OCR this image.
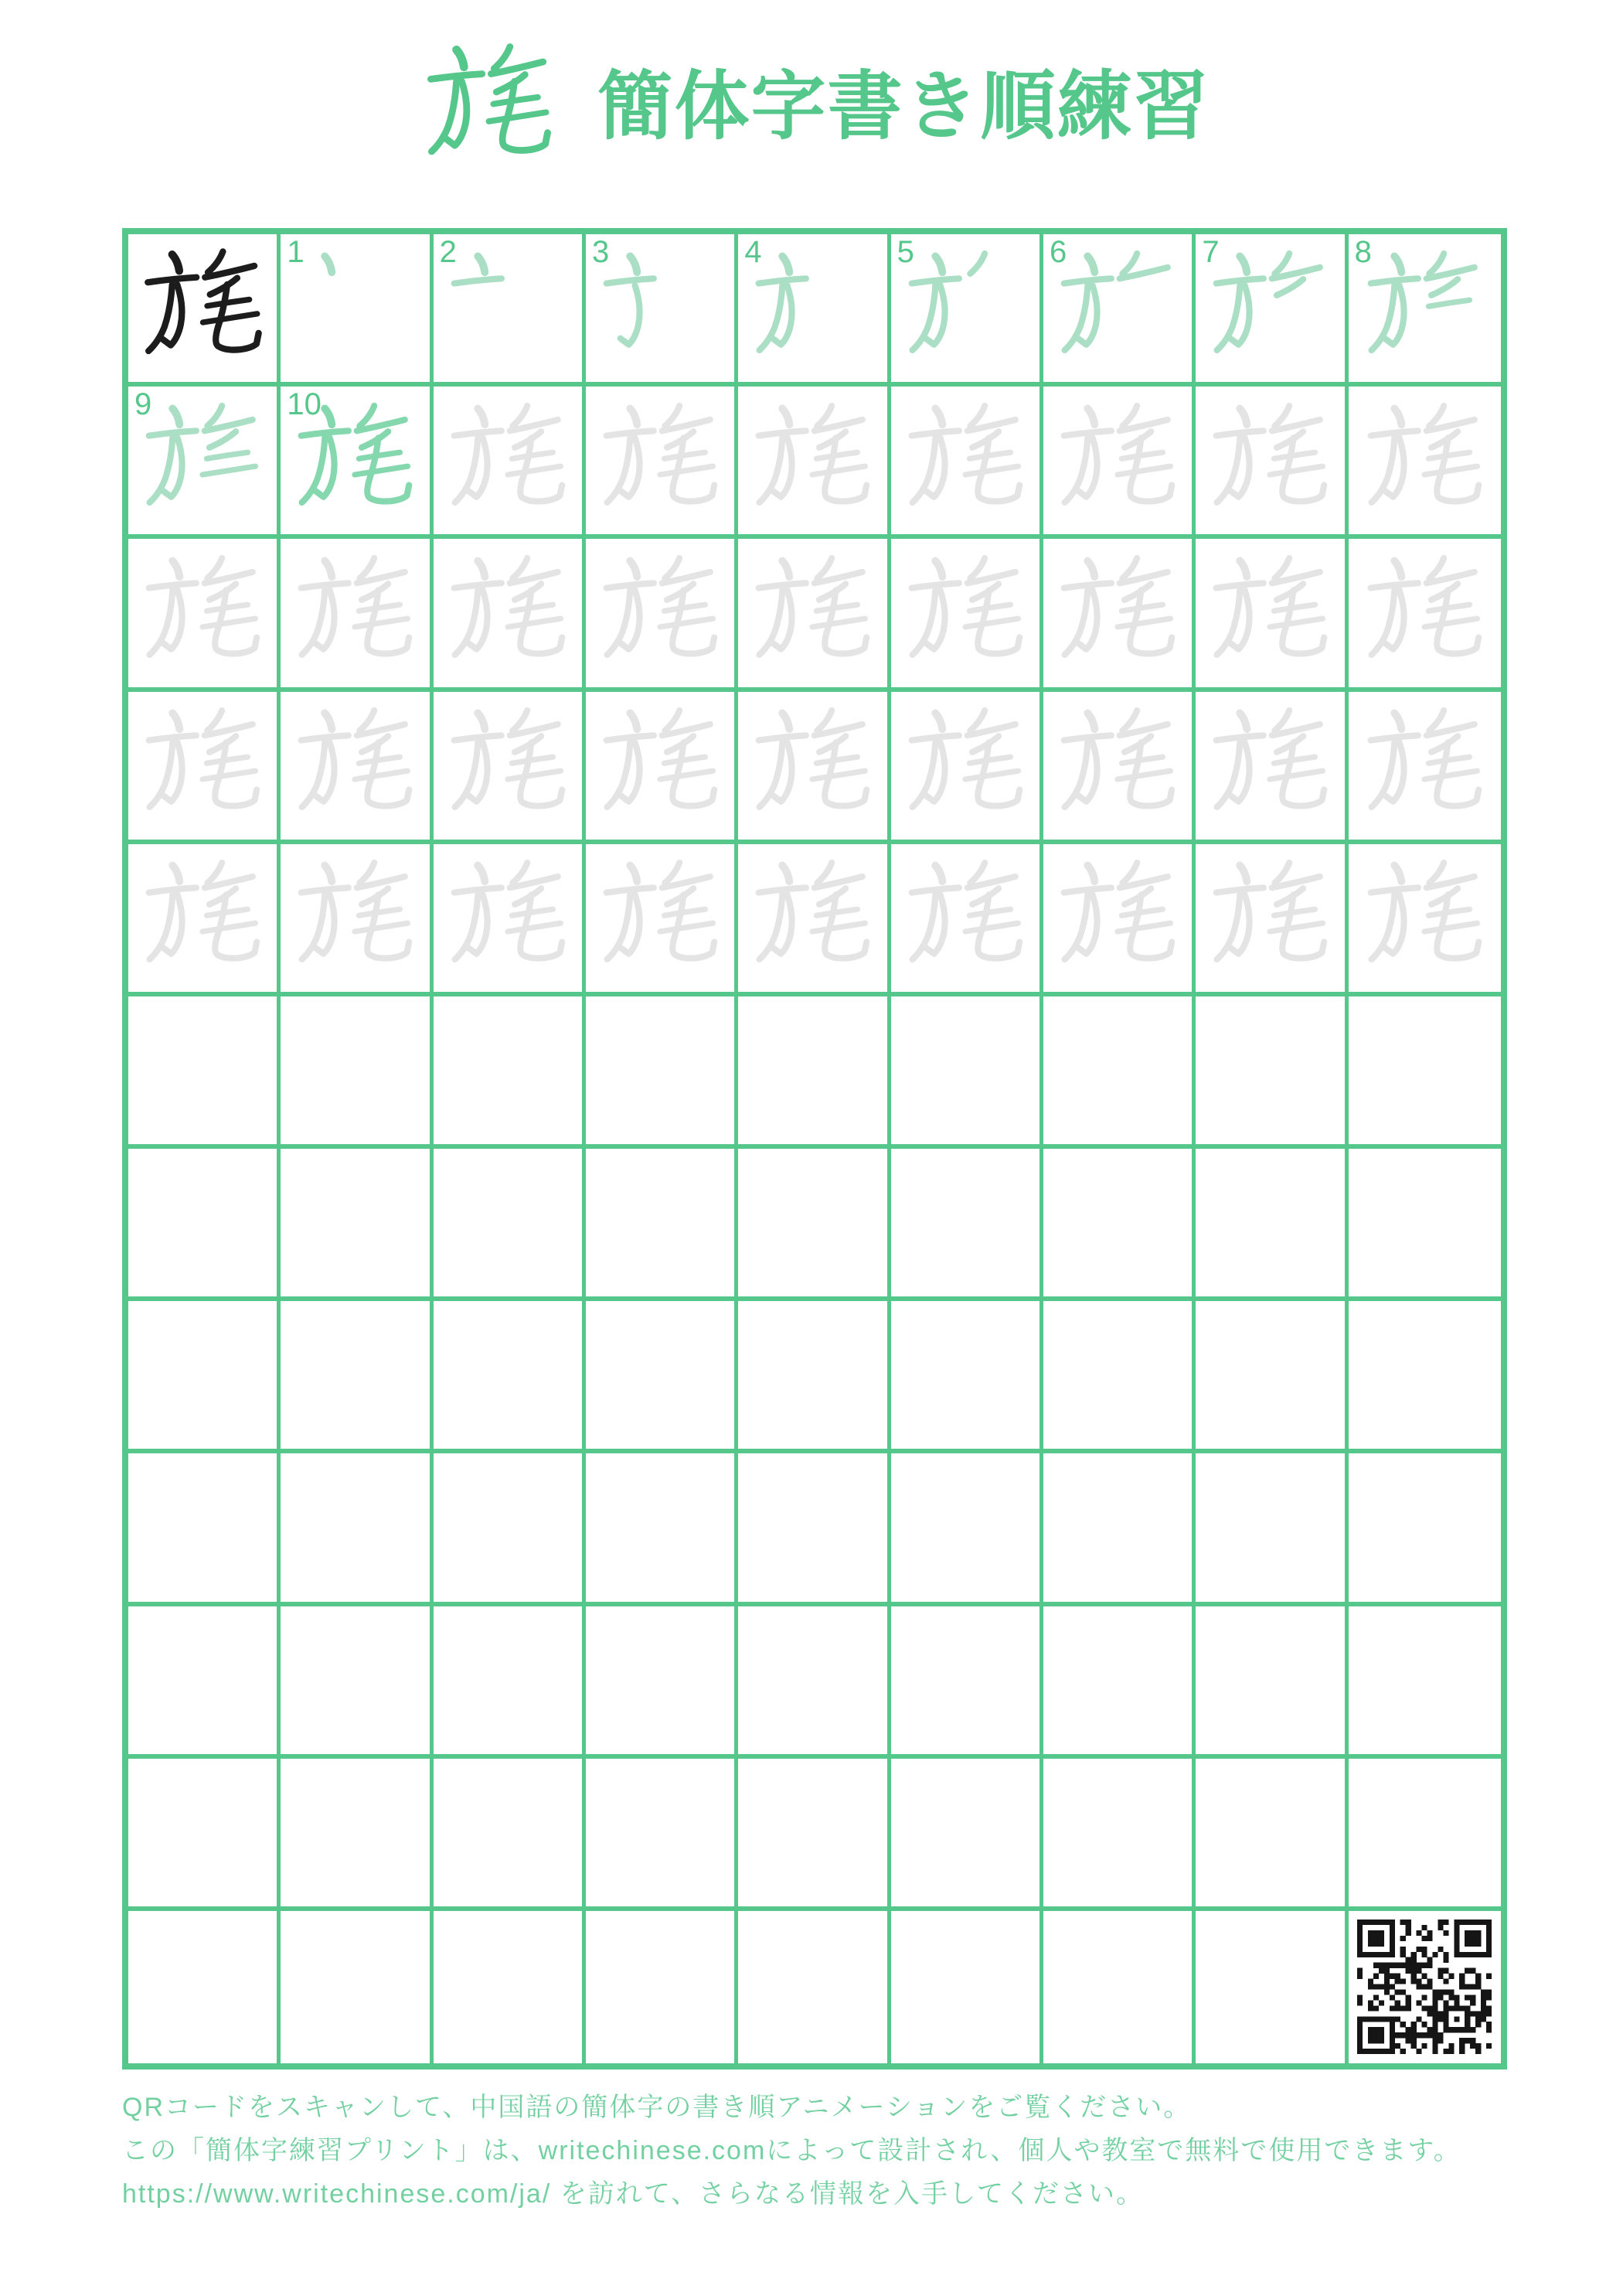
簡体字書き順練習
1	2	3	4	5	6	7	8
9	10

QRコードをスキャンして、中国語の簡体字の書き順アニメーションをご覧ください。

この「簡体字練習プリント」は、writechinese.comによって設計され、個人や教室で無料で使用できます。

https://www.writechinese.com/ja/ を訪れて、さらなる情報を入手してください。
